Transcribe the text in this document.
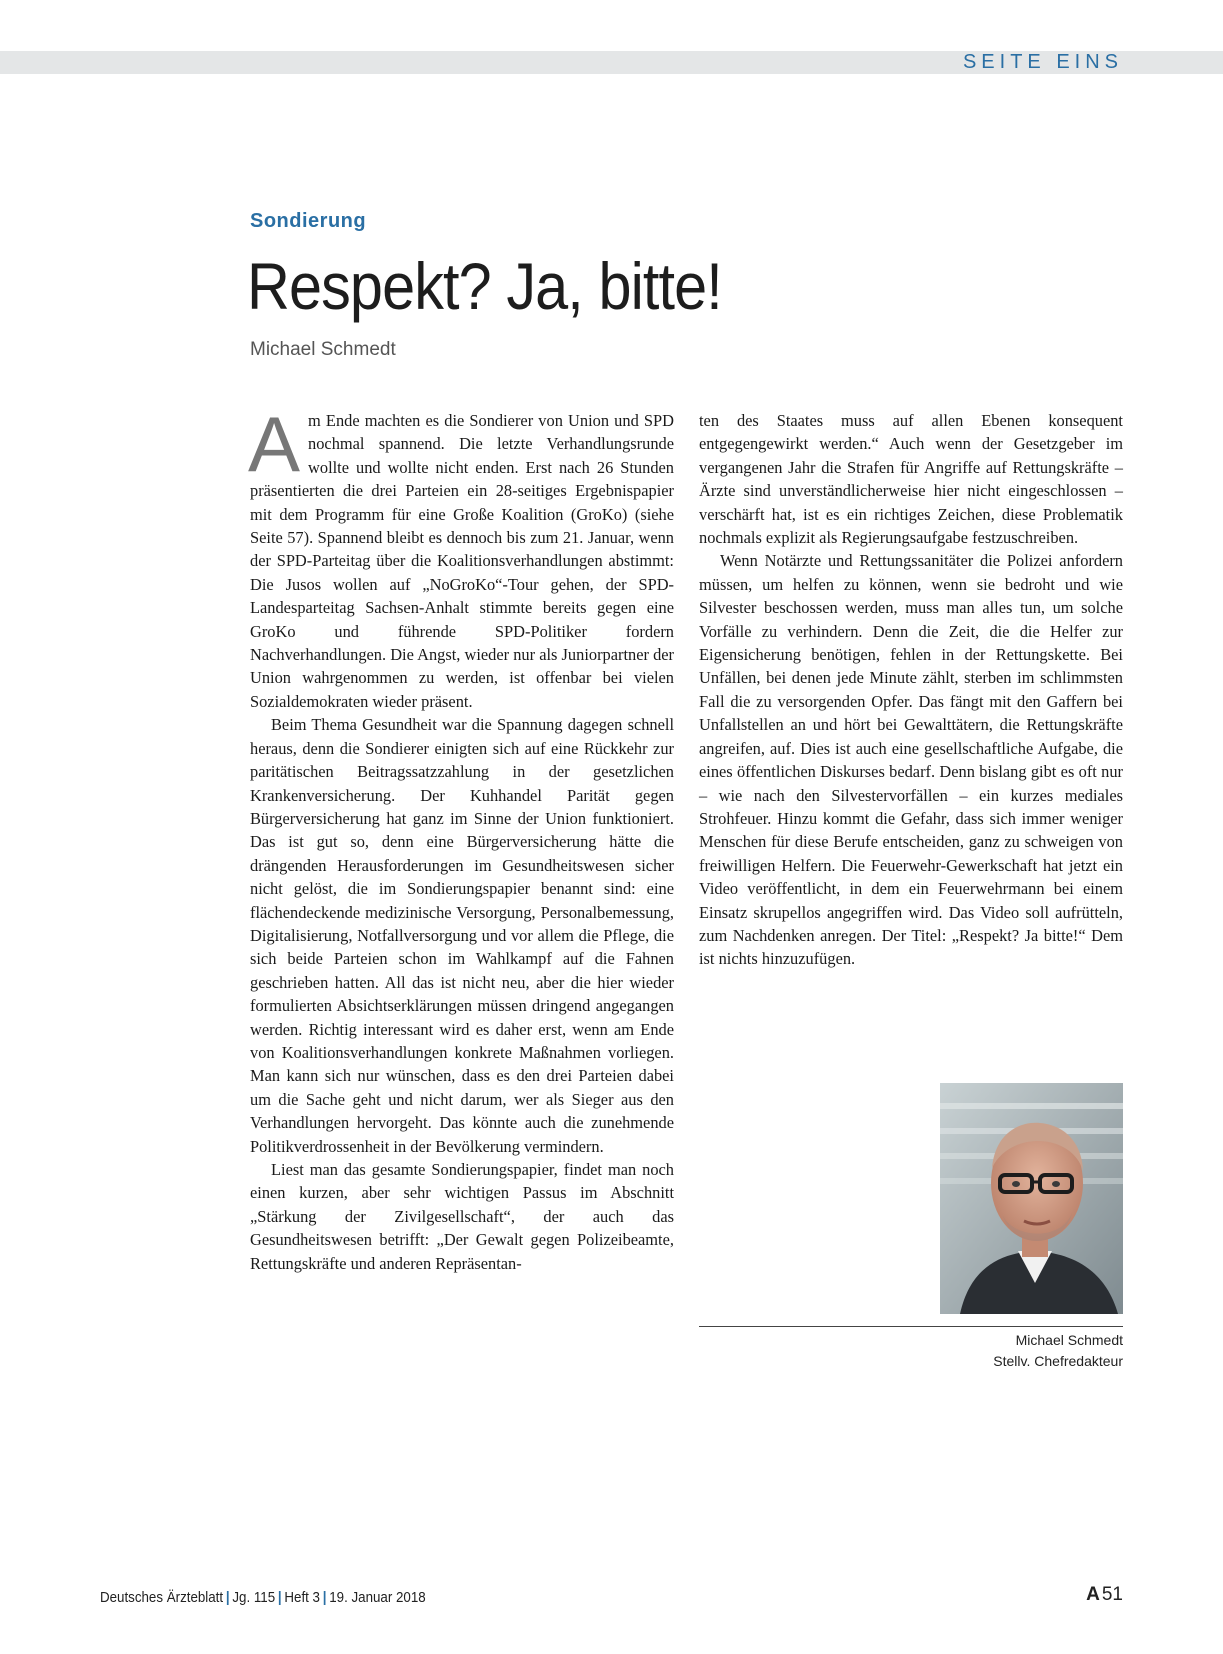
SEITE EINS
Sondierung
Respekt? Ja, bitte!
Michael Schmedt

Am Ende machten es die Sondierer von Union und SPD nochmal spannend. Die letzte Verhandlungsrunde wollte und wollte nicht enden. Erst nach 26 Stunden präsentierten die drei Parteien ein 28-seitiges Ergebnispapier mit dem Programm für eine Große Koalition (GroKo) (siehe Seite 57). Spannend bleibt es dennoch bis zum 21. Januar, wenn der SPD-Parteitag über die Koalitionsverhandlungen abstimmt: Die Jusos wollen auf „NoGroKo“-Tour gehen, der SPD-Landesparteitag Sachsen-Anhalt stimmte bereits gegen eine GroKo und führende SPD-Politiker fordern Nachverhandlungen. Die Angst, wieder nur als Juniorpartner der Union wahrgenommen zu werden, ist offenbar bei vielen Sozialdemokraten wieder präsent.

Beim Thema Gesundheit war die Spannung dagegen schnell heraus, denn die Sondierer einigten sich auf eine Rückkehr zur paritätischen Beitragssatzzahlung in der gesetzlichen Krankenversicherung. Der Kuhhandel Parität gegen Bürgerversicherung hat ganz im Sinne der Union funktioniert. Das ist gut so, denn eine Bürgerversicherung hätte die drängenden Herausforderungen im Gesundheitswesen sicher nicht gelöst, die im Sondierungspapier benannt sind: eine flächendeckende medizinische Versorgung, Personalbemessung, Digitalisierung, Notfallversorgung und vor allem die Pflege, die sich beide Parteien schon im Wahlkampf auf die Fahnen geschrieben hatten. All das ist nicht neu, aber die hier wieder formulierten Absichtserklärungen müssen dringend angegangen werden. Richtig interessant wird es daher erst, wenn am Ende von Koalitionsverhandlungen konkrete Maßnahmen vorliegen. Man kann sich nur wünschen, dass es den drei Parteien dabei um die Sache geht und nicht darum, wer als Sieger aus den Verhandlungen hervorgeht. Das könnte auch die zunehmende Politikverdrossenheit in der Bevölkerung vermindern.

Liest man das gesamte Sondierungspapier, findet man noch einen kurzen, aber sehr wichtigen Passus im Abschnitt „Stärkung der Zivilgesellschaft“, der auch das Gesundheitswesen betrifft: „Der Gewalt gegen Polizeibeamte, Rettungskräfte und anderen Repräsentan-

ten des Staates muss auf allen Ebenen konsequent entgegengewirkt werden.“ Auch wenn der Gesetzgeber im vergangenen Jahr die Strafen für Angriffe auf Rettungskräfte – Ärzte sind unverständlicherweise hier nicht eingeschlossen – verschärft hat, ist es ein richtiges Zeichen, diese Problematik nochmals explizit als Regierungsaufgabe festzuschreiben.

Wenn Notärzte und Rettungssanitäter die Polizei anfordern müssen, um helfen zu können, wenn sie bedroht und wie Silvester beschossen werden, muss man alles tun, um solche Vorfälle zu verhindern. Denn die Zeit, die die Helfer zur Eigensicherung benötigen, fehlen in der Rettungskette. Bei Unfällen, bei denen jede Minute zählt, sterben im schlimmsten Fall die zu versorgenden Opfer. Das fängt mit den Gaffern bei Unfallstellen an und hört bei Gewalttätern, die Rettungskräfte angreifen, auf. Dies ist auch eine gesellschaftliche Aufgabe, die eines öffentlichen Diskurses bedarf. Denn bislang gibt es oft nur – wie nach den Silvestervorfällen – ein kurzes mediales Strohfeuer. Hinzu kommt die Gefahr, dass sich immer weniger Menschen für diese Berufe entscheiden, ganz zu schweigen von freiwilligen Helfern. Die Feuerwehr-Gewerkschaft hat jetzt ein Video veröffentlicht, in dem ein Feuerwehrmann bei einem Einsatz skrupellos angegriffen wird. Das Video soll aufrütteln, zum Nachdenken anregen. Der Titel: „Respekt? Ja bitte!“ Dem ist nichts hinzuzufügen.

Michael Schmedt
Stellv. Chefredakteur
Deutsches Ärzteblatt | Jg. 115 | Heft 3 | 19. Januar 2018	A 51
